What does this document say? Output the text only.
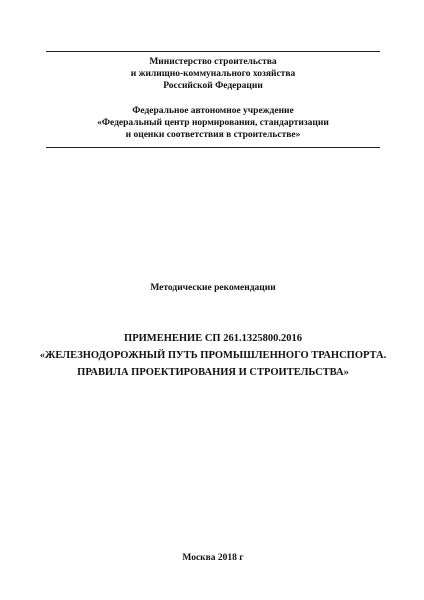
Министерство строительства
и жилищно-коммунального хозяйства
Российской Федерации
Федеральное автономное учреждение
«Федеральный центр нормирования, стандартизации
и оценки соответствия в строительстве»
Методические рекомендации
ПРИМЕНЕНИЕ СП 261.1325800.2016
«ЖЕЛЕЗНОДОРОЖНЫЙ ПУТЬ ПРОМЫШЛЕННОГО ТРАНСПОРТА.
ПРАВИЛА ПРОЕКТИРОВАНИЯ И СТРОИТЕЛЬСТВА»
Москва 2018 г
